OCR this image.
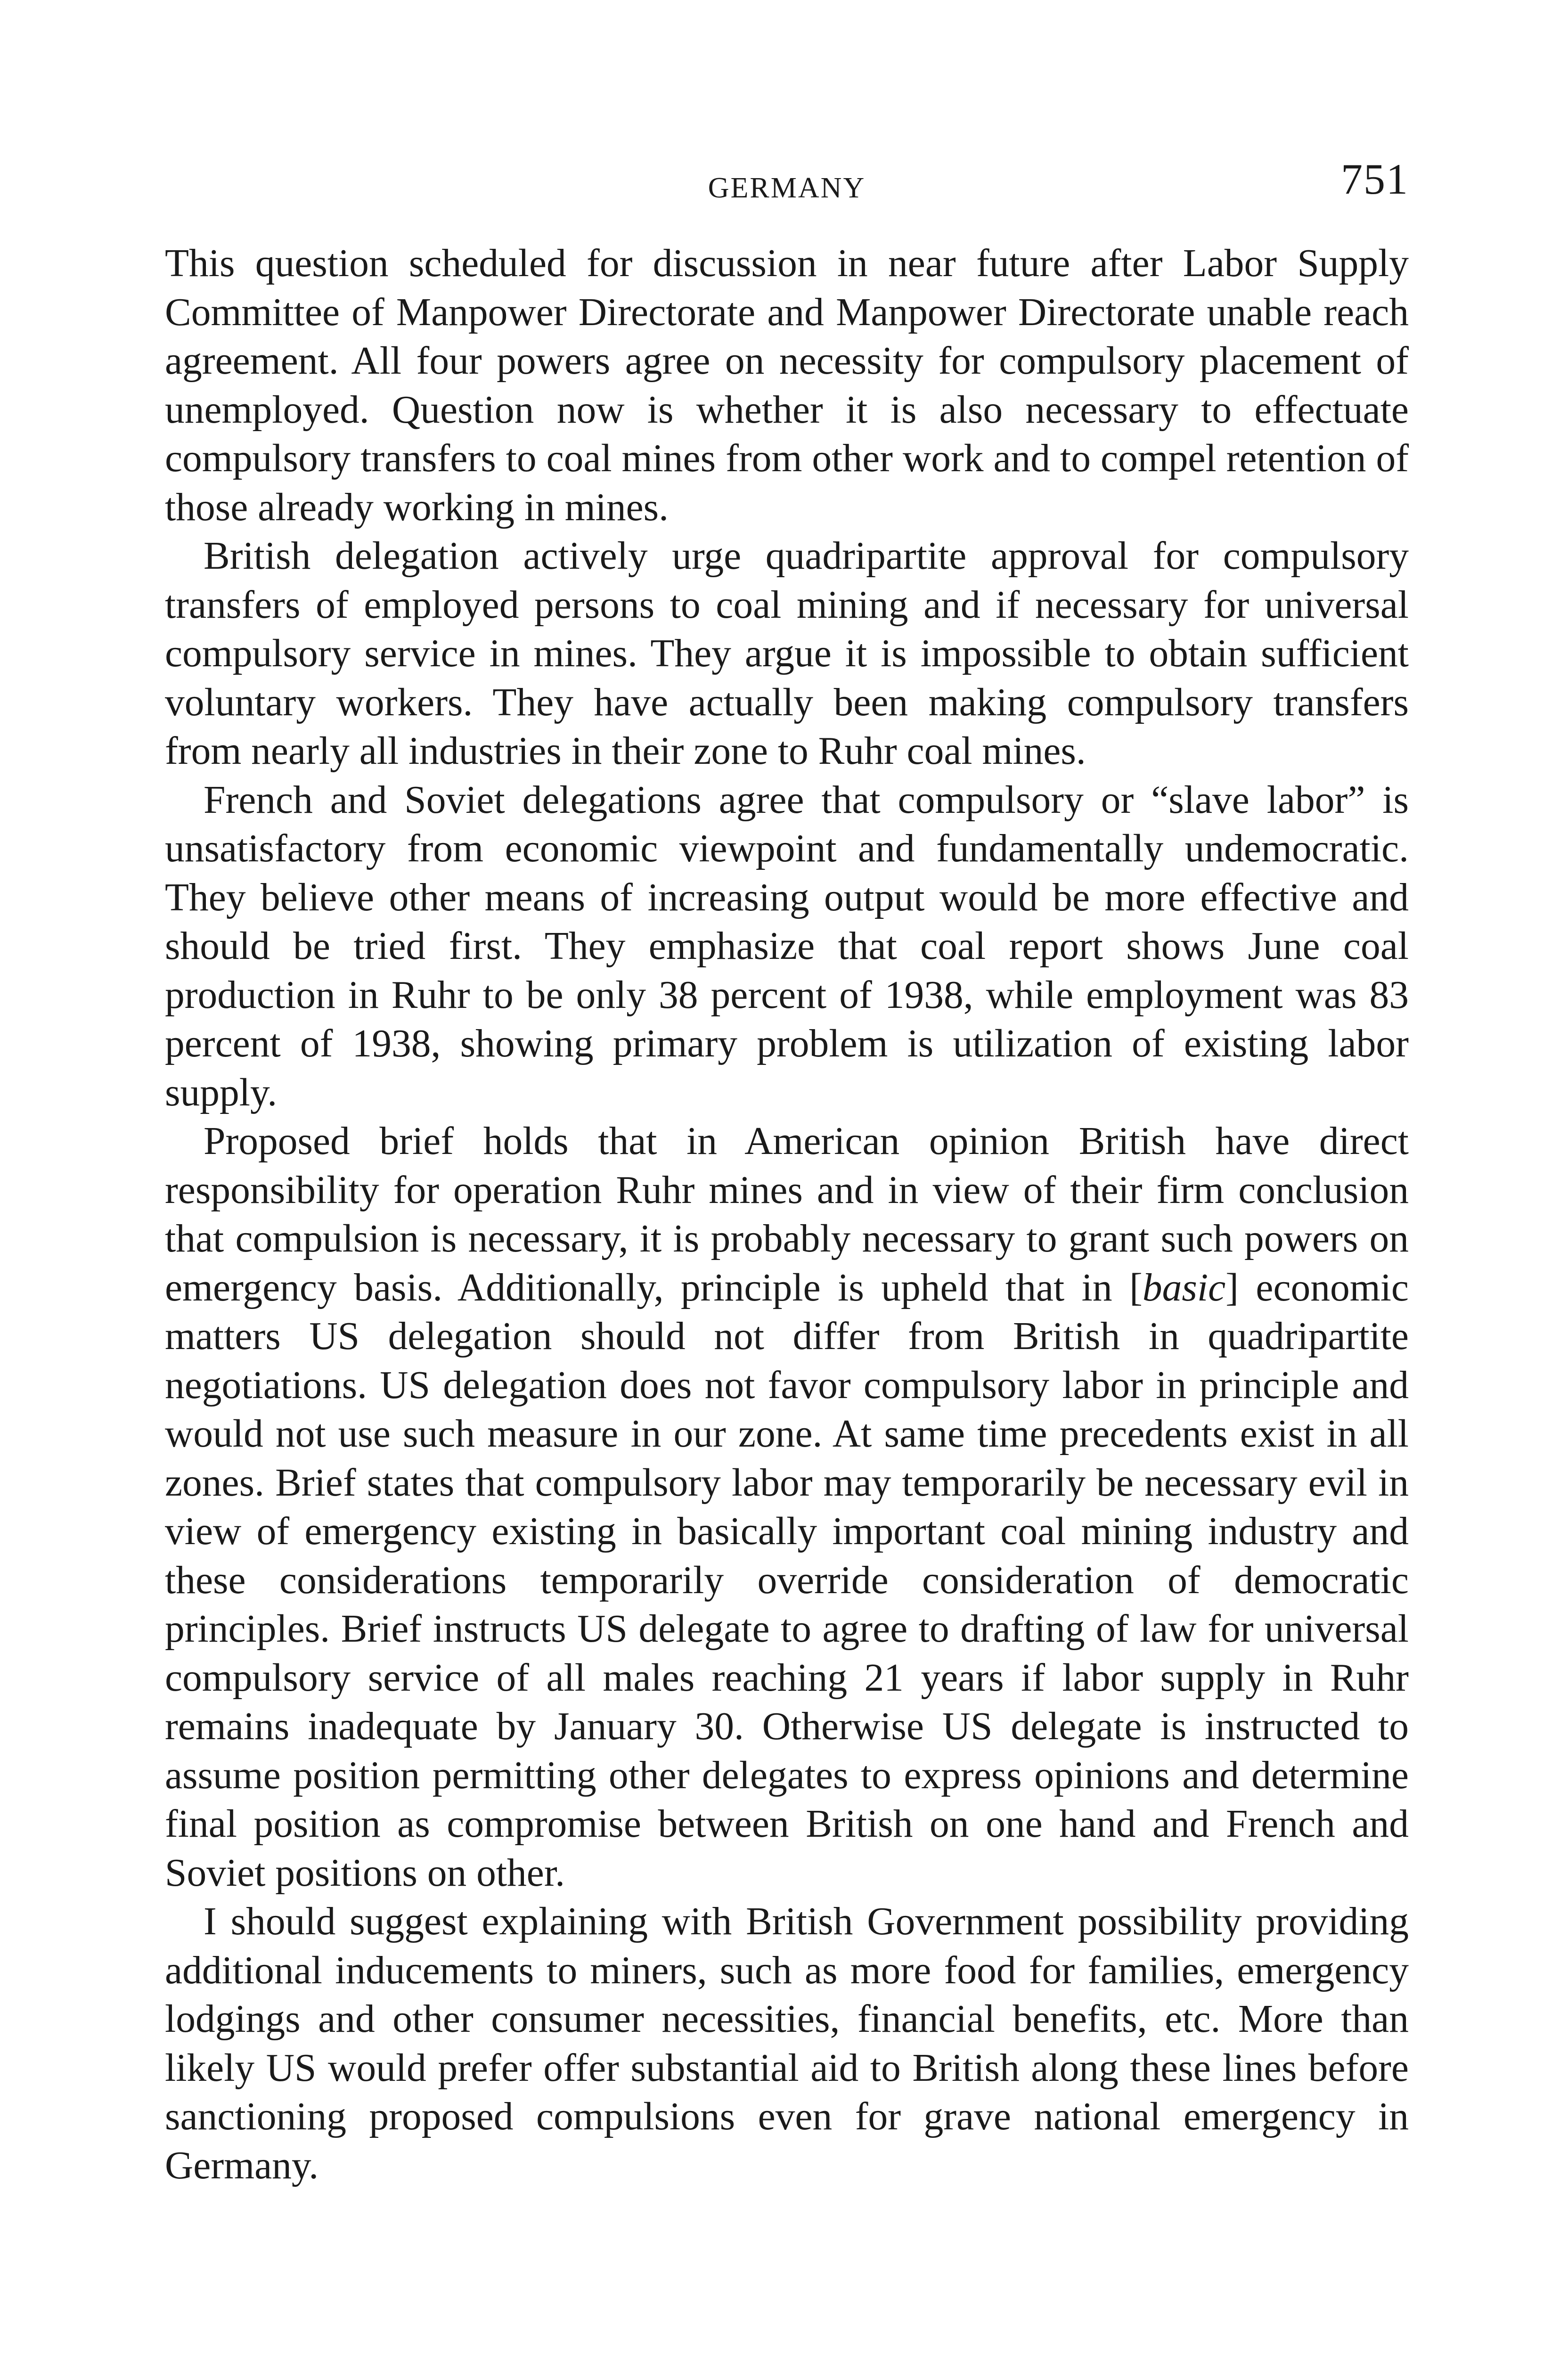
GERMANY	751

This question scheduled for discussion in near future after Labor Supply Committee of Manpower Directorate and Manpower Directorate unable reach agreement. All four powers agree on necessity for compulsory placement of unemployed. Question now is whether it is also necessary to effectuate compulsory transfers to coal mines from other work and to compel retention of those already working in mines.

British delegation actively urge quadripartite approval for compulsory transfers of employed persons to coal mining and if necessary for universal compulsory service in mines. They argue it is impossible to obtain sufficient voluntary workers. They have actually been making compulsory transfers from nearly all industries in their zone to Ruhr coal mines.

French and Soviet delegations agree that compulsory or “slave labor” is unsatisfactory from economic viewpoint and fundamentally undemocratic. They believe other means of increasing output would be more effective and should be tried first. They emphasize that coal report shows June coal production in Ruhr to be only 38 percent of 1938, while employment was 83 percent of 1938, showing primary problem is utilization of existing labor supply.

Proposed brief holds that in American opinion British have direct responsibility for operation Ruhr mines and in view of their firm conclusion that compulsion is necessary, it is probably necessary to grant such powers on emergency basis. Additionally, principle is upheld that in [basic] economic matters US delegation should not differ from British in quadripartite negotiations. US delegation does not favor compulsory labor in principle and would not use such measure in our zone. At same time precedents exist in all zones. Brief states that compulsory labor may temporarily be necessary evil in view of emergency existing in basically important coal mining industry and these considerations temporarily override consideration of democratic principles. Brief instructs US delegate to agree to drafting of law for universal compulsory service of all males reaching 21 years if labor supply in Ruhr remains inadequate by January 30. Otherwise US delegate is instructed to assume position permitting other delegates to express opinions and determine final position as compromise between British on one hand and French and Soviet positions on other.

I should suggest explaining with British Government possibility providing additional inducements to miners, such as more food for families, emergency lodgings and other consumer necessities, financial benefits, etc. More than likely US would prefer offer substantial aid to British along these lines before sanctioning proposed compulsions even for grave national emergency in Germany.
